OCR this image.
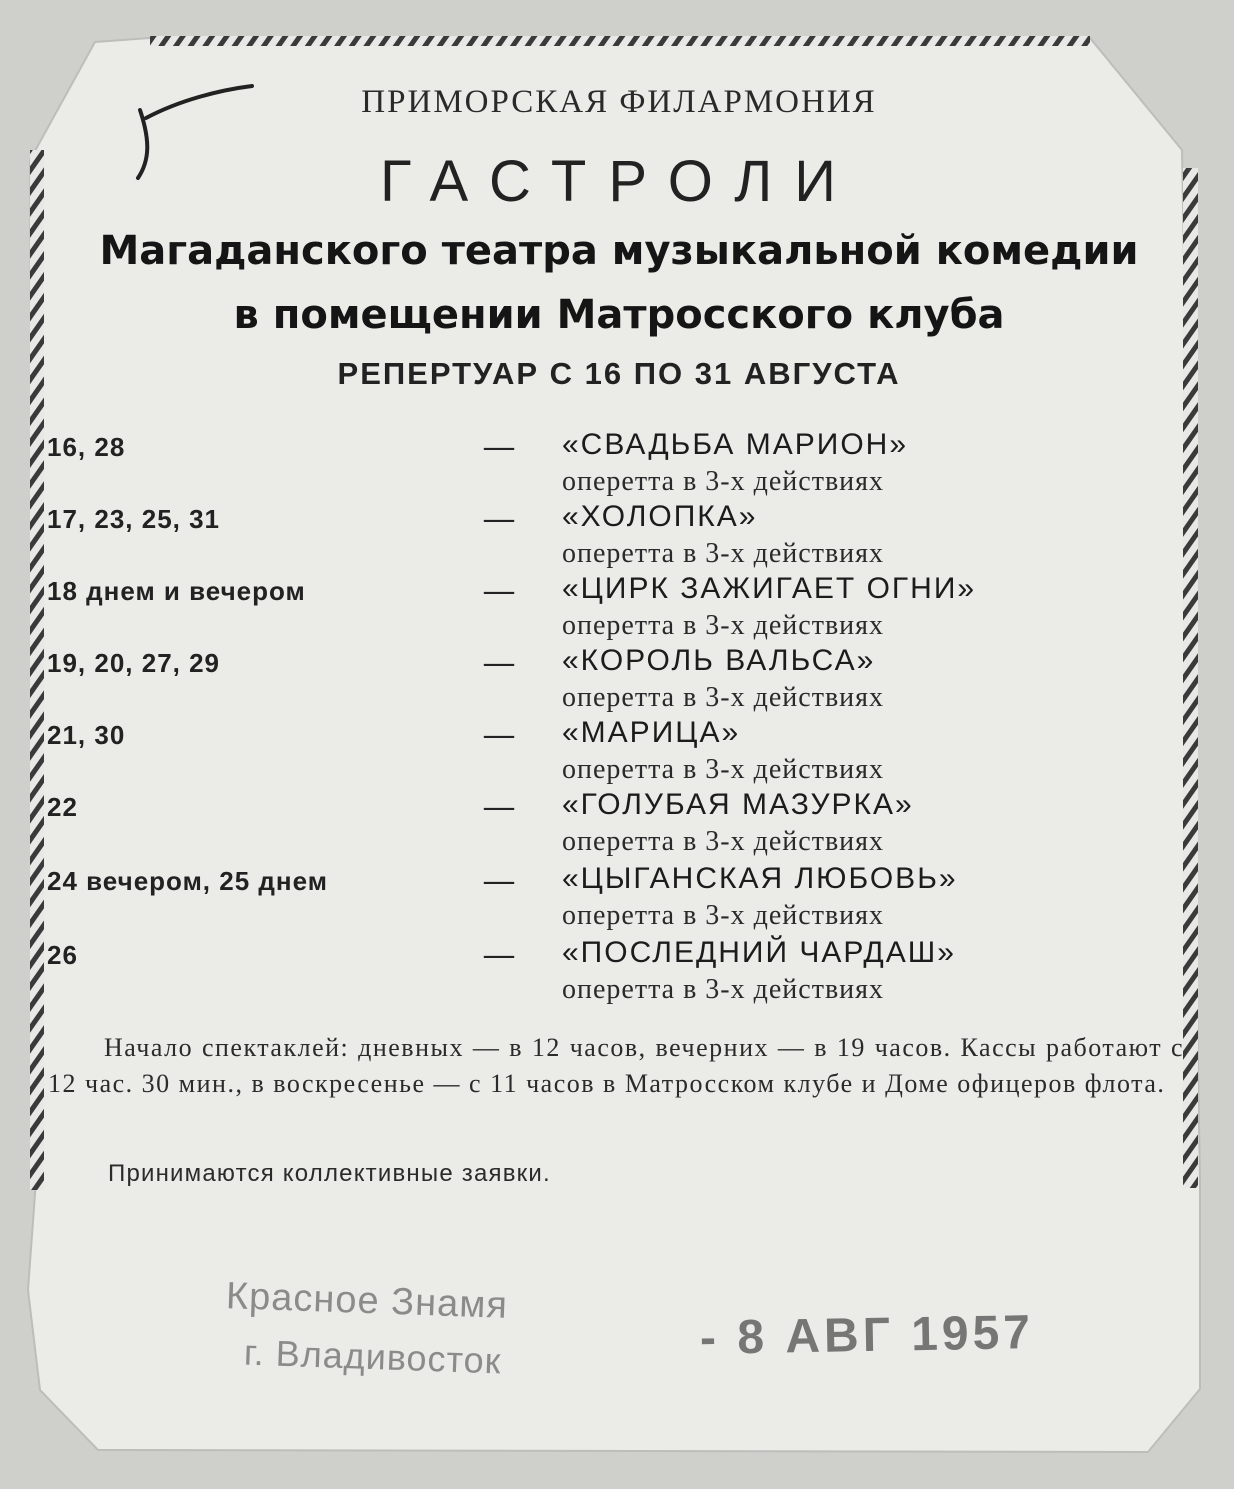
ПРИМОРСКАЯ ФИЛАРМОНИЯ
ГАСТРОЛИ
Магаданского театра музыкальной комедии
в помещении Матросского клуба
РЕПЕРТУАР С 16 ПО 31 АВГУСТА
16, 28	— «СВАДЬБА МАРИОН»
оперетта в 3-х действиях
17, 23, 25, 31	— «ХОЛОПКА»
оперетта в 3-х действиях
18 днем и вечером	— «ЦИРК ЗАЖИГАЕТ ОГНИ»
оперетта в 3-х действиях
19, 20, 27, 29	— «КОРОЛЬ ВАЛЬСА»
оперетта в 3-х действиях
21, 30	— «МАРИЦА»
оперетта в 3-х действиях
22	— «ГОЛУБАЯ МАЗУРКА»
оперетта в 3-х действиях
24 вечером, 25 днем	— «ЦЫГАНСКАЯ ЛЮБОВЬ»
оперетта в 3-х действиях
26	— «ПОСЛЕДНИЙ ЧАРДАШ»
оперетта в 3-х действиях
Начало спектаклей: дневных — в 12 часов, вечерних — в 19 часов. Кассы работают с 12 час. 30 мин., в воскресенье — с 11 часов в Матросском клубе и Доме офицеров флота.
Принимаются коллективные заявки.
Красное Знамя
г. Владивосток	- 8 АВГ 1957
